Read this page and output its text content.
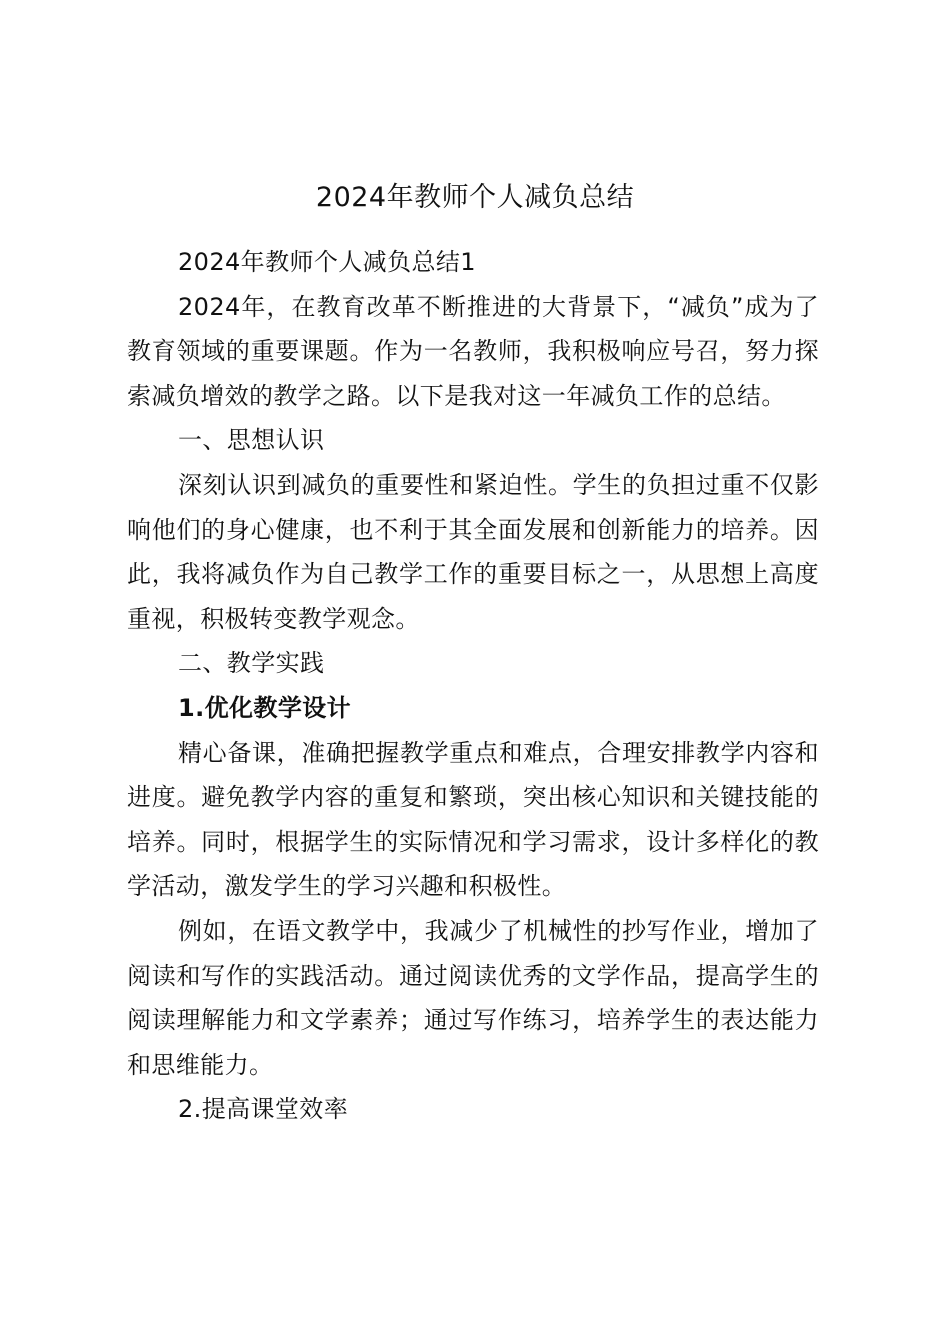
2024年教师个人减负总结

2024年教师个人减负总结1

2024年，在教育改革不断推进的大背景下，“减负”成为了教育领域的重要课题。作为一名教师，我积极响应号召，努力探索减负增效的教学之路。以下是我对这一年减负工作的总结。

一、思想认识

深刻认识到减负的重要性和紧迫性。学生的负担过重不仅影响他们的身心健康，也不利于其全面发展和创新能力的培养。因此，我将减负作为自己教学工作的重要目标之一，从思想上高度重视，积极转变教学观念。

二、教学实践

1.优化教学设计

精心备课，准确把握教学重点和难点，合理安排教学内容和进度。避免教学内容的重复和繁琐，突出核心知识和关键技能的培养。同时，根据学生的实际情况和学习需求，设计多样化的教学活动，激发学生的学习兴趣和积极性。

例如，在语文教学中，我减少了机械性的抄写作业，增加了阅读和写作的实践活动。通过阅读优秀的文学作品，提高学生的阅读理解能力和文学素养；通过写作练习，培养学生的表达能力和思维能力。

2.提高课堂效率
